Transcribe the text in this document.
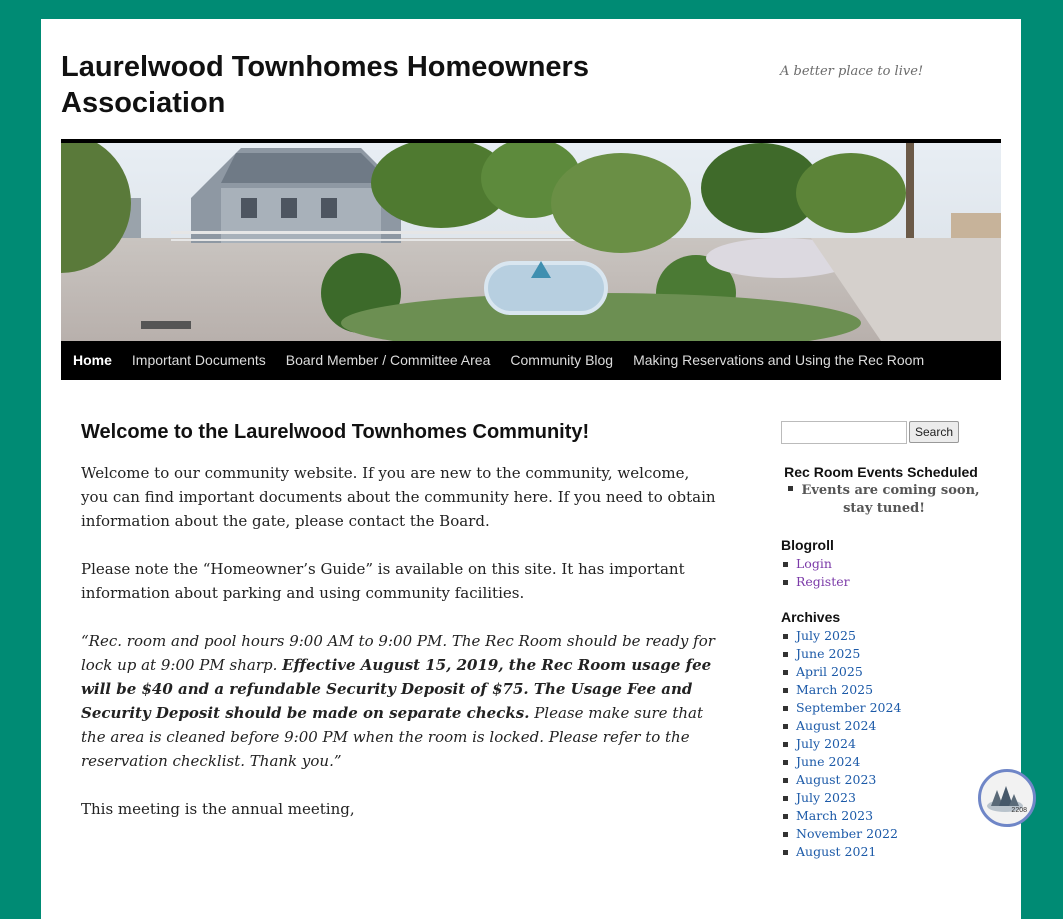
Laurelwood Townhomes Homeowners Association
A better place to live!
Home	Important Documents	Board Member / Committee Area	Community Blog	Making Reservations and Using the Rec Room
Welcome to the Laurelwood Townhomes Community!

Welcome to our community website. If you are new to the community, welcome, you can find important documents about the community here. If you need to obtain information about the gate, please contact the Board.

Please note the “Homeowner’s Guide” is available on this site. It has important information about parking and using community facilities.

“Rec. room and pool hours 9:00 AM to 9:00 PM. The Rec Room should be ready for lock up at 9:00 PM sharp. Effective August 15, 2019, the Rec Room usage fee will be $40 and a refundable Security Deposit of $75. The Usage Fee and Security Deposit should be made on separate checks. Please make sure that the area is cleaned before 9:00 PM when the room is locked. Please refer to the reservation checklist. Thank you.”

This meeting is the annual meeting,

Search
Rec Room Events Scheduled
Events are coming soon, stay tuned!
Blogroll
Login
Register
Archives
July 2025
June 2025
April 2025
March 2025
September 2024
August 2024
July 2024
June 2024
August 2023
July 2023
March 2023
November 2022
August 2021
2208
